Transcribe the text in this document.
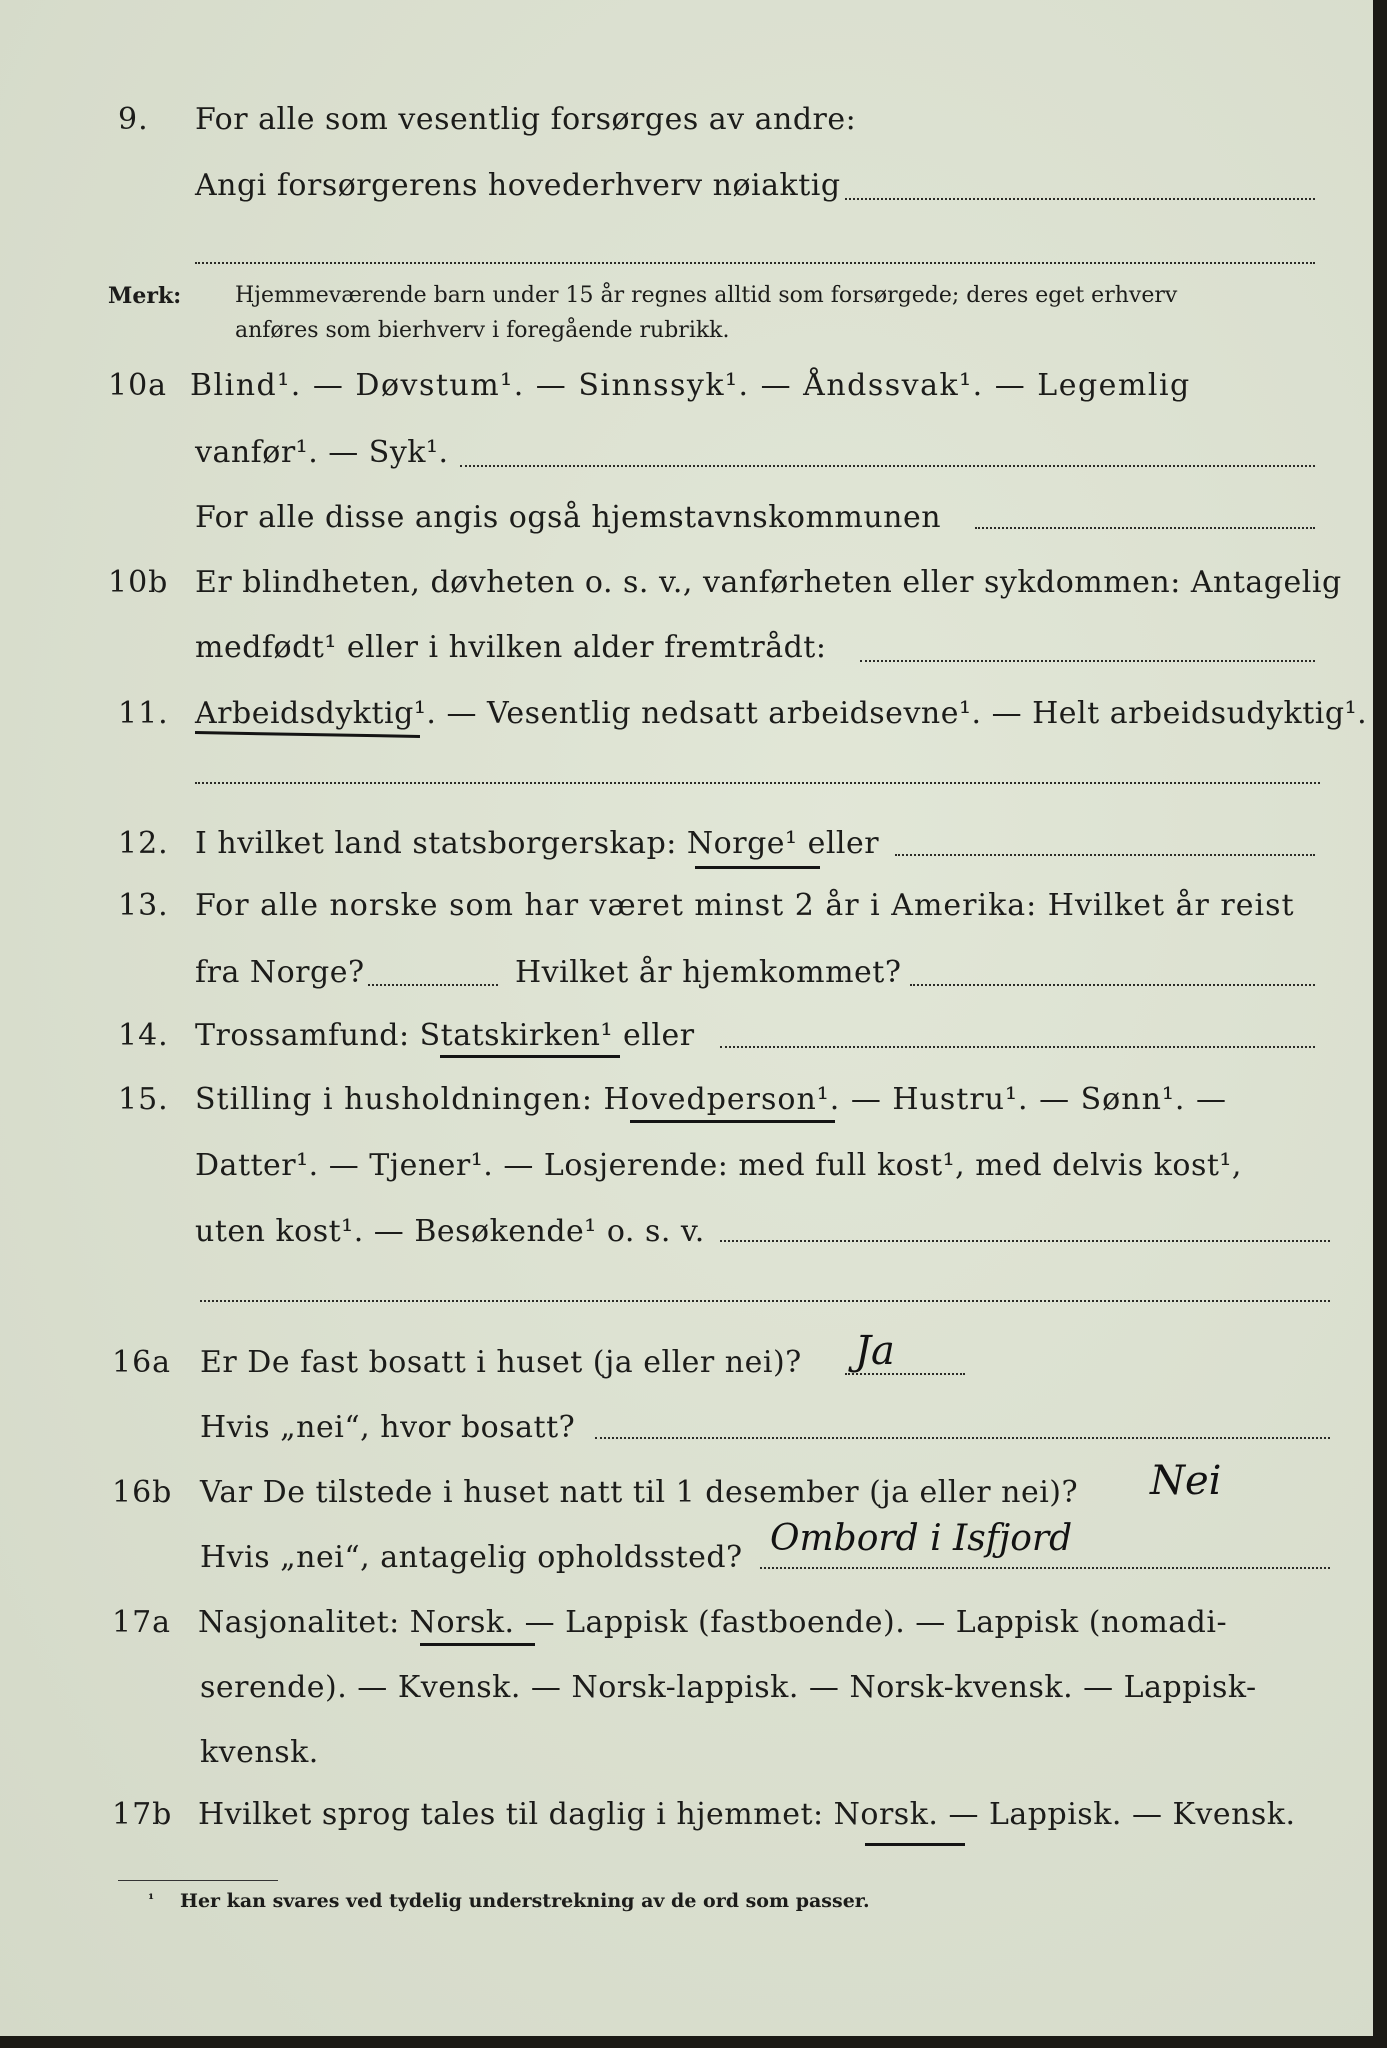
9. For alle som vesentlig forsørges av andre:
Angi forsørgerens hovederhverv nøiaktig
Merk: Hjemmeværende barn under 15 år regnes alltid som forsørgede; deres eget erhverv
anføres som bierhverv i foregående rubrikk.
10a Blind¹. — Døvstum¹. — Sinnssyk¹. — Åndssvak¹. — Legemlig
vanfør¹. — Syk¹.
For alle disse angis også hjemstavnskommunen
10b Er blindheten, døvheten o. s. v., vanførheten eller sykdommen: Antagelig
medfødt¹ eller i hvilken alder fremtrådt:
11. Arbeidsdyktig¹. — Vesentlig nedsatt arbeidsevne¹. — Helt arbeidsudyktig¹.
12. I hvilket land statsborgerskap: Norge¹ eller
13. For alle norske som har været minst 2 år i Amerika: Hvilket år reist
fra Norge?	Hvilket år hjemkommet?
14. Trossamfund: Statskirken¹ eller
15. Stilling i husholdningen: Hovedperson¹. — Hustru¹. — Sønn¹. —
Datter¹. — Tjener¹. — Losjerende: med full kost¹, med delvis kost¹,
uten kost¹. — Besøkende¹ o. s. v.
16a Er De fast bosatt i huset (ja eller nei)? Ja
Hvis „nei“, hvor bosatt?
16b Var De tilstede i huset natt til 1 desember (ja eller nei)? Nei
Hvis „nei“, antagelig opholdssted? Ombord i Isfjord
17a Nasjonalitet: Norsk. — Lappisk (fastboende). — Lappisk (nomadi-
serende). — Kvensk. — Norsk-lappisk. — Norsk-kvensk. — Lappisk-
kvensk.
17b Hvilket sprog tales til daglig i hjemmet: Norsk. — Lappisk. — Kvensk.
¹ Her kan svares ved tydelig understrekning av de ord som passer.
